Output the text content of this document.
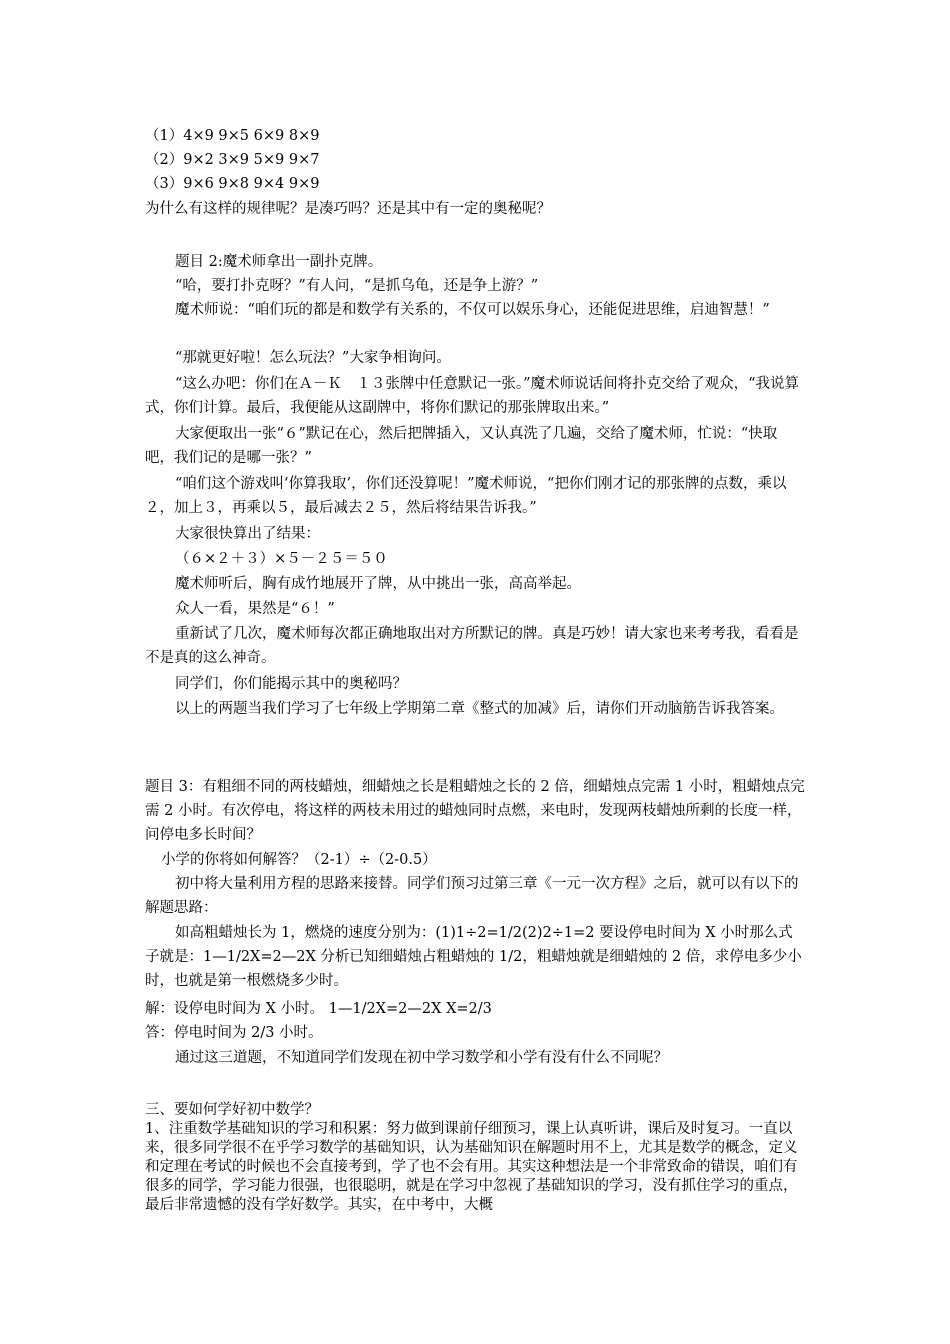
（1）4×9 9×5 6×9 8×9

（2）9×2 3×9 5×9 9×7

（3）9×6 9×8 9×4 9×9

为什么有这样的规律呢？是凑巧吗？还是其中有一定的奥秘呢？

题目 2:魔术师拿出一副扑克牌。

“哈，要打扑克呀？”有人问，“是抓乌龟，还是争上游？”

魔术师说：“咱们玩的都是和数学有关系的，不仅可以娱乐身心，还能促进思维，启迪智慧！”

“那就更好啦！怎么玩法？”大家争相询问。

“这么办吧：你们在Ａ－Ｋ　１３张牌中任意默记一张。”魔术师说话间将扑克交给了观众，“我说算式，你们计算。最后，我便能从这副牌中，将你们默记的那张牌取出来。”

大家便取出一张“６”默记在心，然后把牌插入，又认真洗了几遍，交给了魔术师，忙说：“快取吧，我们记的是哪一张？”

“咱们这个游戏叫‘你算我取’，你们还没算呢！”魔术师说，“把你们刚才记的那张牌的点数，乘以２，加上３，再乘以５，最后减去２５，然后将结果告诉我。”

大家很快算出了结果：

（６×２＋３）×５－２５＝５０

魔术师听后，胸有成竹地展开了牌，从中挑出一张，高高举起。

众人一看，果然是“６！”

重新试了几次，魔术师每次都正确地取出对方所默记的牌。真是巧妙！请大家也来考考我，看看是不是真的这么神奇。

同学们，你们能揭示其中的奥秘吗？

以上的两题当我们学习了七年级上学期第二章《整式的加减》后，请你们开动脑筋告诉我答案。

题目 3：有粗细不同的两枝蜡烛，细蜡烛之长是粗蜡烛之长的 2 倍，细蜡烛点完需 1 小时，粗蜡烛点完需 2 小时。有次停电，将这样的两枝未用过的蜡烛同时点燃，来电时，发现两枝蜡烛所剩的长度一样，问停电多长时间？

小学的你将如何解答？（2-1）÷（2-0.5）

初中将大量利用方程的思路来接替。同学们预习过第三章《一元一次方程》之后，就可以有以下的解题思路：

如高粗蜡烛长为 1，燃烧的速度分别为：(1)1÷2=1/2(2)2÷1=2 要设停电时间为 X 小时那么式子就是：1—1/2X=2—2X 分析已知细蜡烛占粗蜡烛的 1/2，粗蜡烛就是细蜡烛的 2 倍，求停电多少小时，也就是第一根燃烧多少时。

解：设停电时间为 X 小时。 1—1/2X=2—2X X=2/3

答：停电时间为 2/3 小时。

通过这三道题，不知道同学们发现在初中学习数学和小学有没有什么不同呢？

三、要如何学好初中数学？

1、注重数学基础知识的学习和积累：努力做到课前仔细预习，课上认真听讲，课后及时复习。一直以来，很多同学很不在乎学习数学的基础知识，认为基础知识在解题时用不上，尤其是数学的概念，定义和定理在考试的时候也不会直接考到，学了也不会有用。其实这种想法是一个非常致命的错误，咱们有很多的同学，学习能力很强，也很聪明，就是在学习中忽视了基础知识的学习，没有抓住学习的重点，最后非常遗憾的没有学好数学。其实，在中考中，大概
